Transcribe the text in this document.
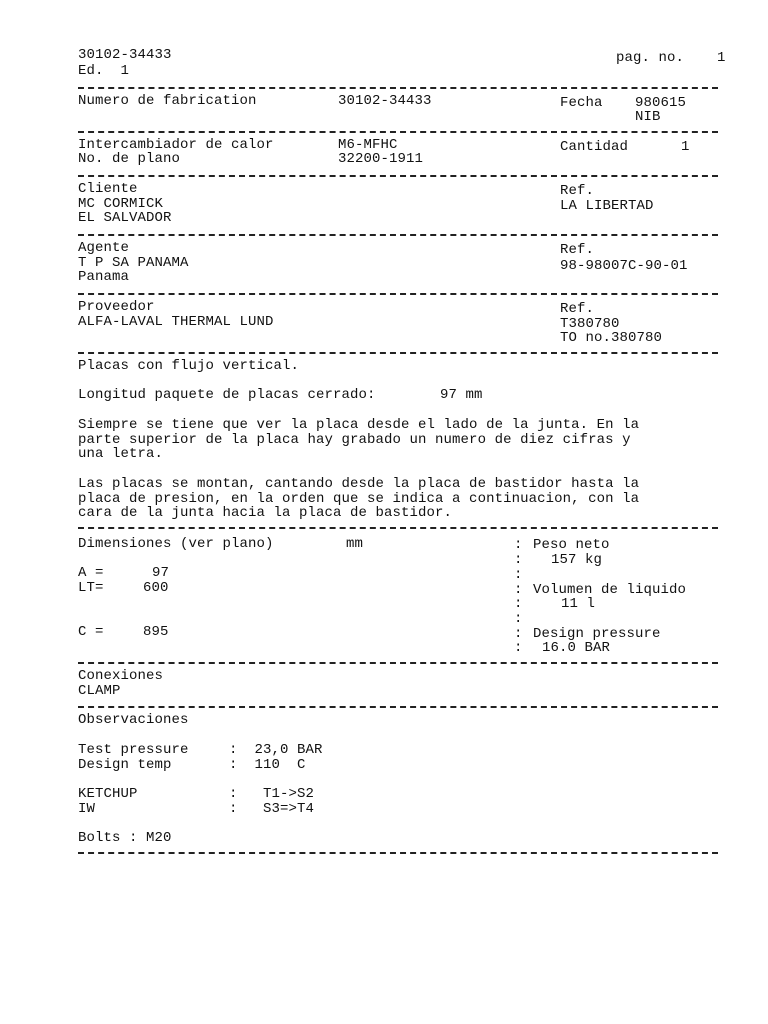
30102-34433
Ed.  1
pag. no. 1
Numero de fabrication	30102-34433	Fecha 980615
NIB
Intercambiador de calor	M6-MFHC
No. de plano	32200-1911
Cantidad	1
Cliente
MC CORMICK
EL SALVADOR
Ref.
LA LIBERTAD
Agente
T P SA PANAMA
Panama
Ref.
98-98007C-90-01
Proveedor
ALFA-LAVAL THERMAL LUND
Ref.
T380780
TO no.380780
Placas con flujo vertical.
Longitud paquete de placas cerrado:	97 mm
Siempre se tiene que ver la placa desde el lado de la junta. En la
parte superior de la placa hay grabado un numero de diez cifras y
una letra.
Las placas se montan, cantando desde la placa de bastidor hasta la
placa de presion, en la orden que se indica a continuacion, con la
cara de la junta hacia la placa de bastidor.
Dimensiones (ver plano)	mm
A =	97
LT=	600
C =	895
: Peso neto
: 157 kg
:
: Volumen de liquido
:	11 l
:
: Design pressure
: 16.0 BAR
Conexiones
CLAMP
Observaciones
Test pressure	:  23,0 BAR
Design temp	:  110  C
KETCHUP	:   T1->S2
IW	:   S3=>T4
Bolts : M20
